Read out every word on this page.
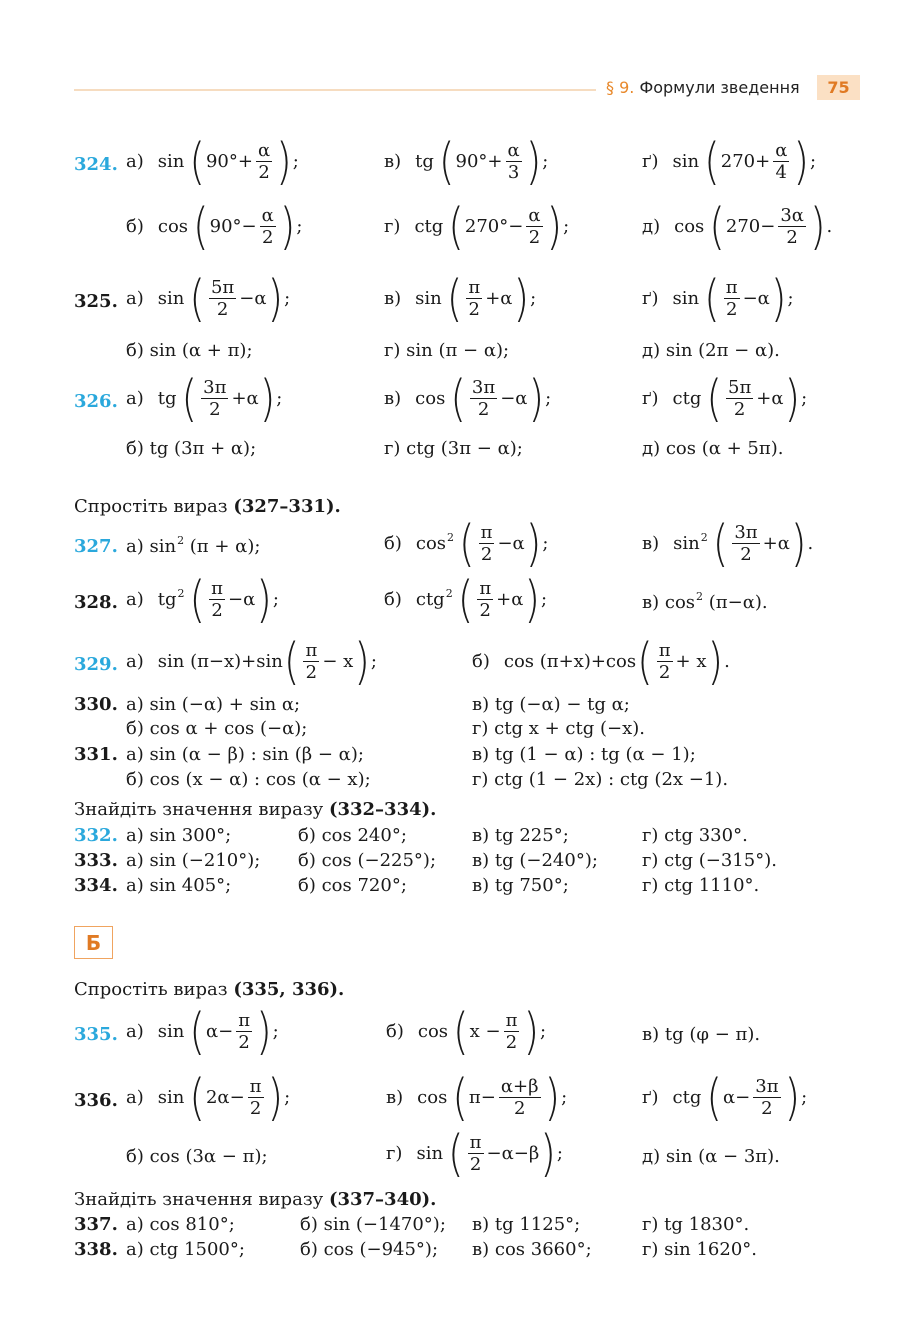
§ 9. Формули зведення	75
324. а) sin ( $90^\circ+ \frac{\alpha}{2}$ ) ;	в) tg ( $90^\circ+ \frac{\alpha}{3}$ ) ;	ґ) sin ( $270+ \frac{\alpha}{4}$ ) ;
б) cos ( $90^\circ- \frac{\alpha}{2}$ ) ;	г) ctg ( $270^\circ- \frac{\alpha}{2}$ ) ;	д) cos ( $270- \frac{3\alpha}{2}$ ) .
325. а) sin ( $\frac{5\pi}{2} -\alpha$ ) ;	в) sin ( $\frac{\pi}{2} +\alpha$ ) ;	ґ) sin ( $\frac{\pi}{2} -\alpha$ ) ;
б) sin (α + π);	г) sin (π − α);	д) sin (2π − α).
326. а) tg ( $\frac{3\pi}{2} +\alpha$ ) ;	в) cos ( $\frac{3\pi}{2} -\alpha$ ) ;	ґ) ctg ( $\frac{5\pi}{2} +\alpha$ ) ;
б) tg (3π + α);	г) ctg (3π − α);	д) cos (α + 5π).
Спростіть вираз (327–331).
327. а) $\sin^2 (\pi + \alpha)$;	б) $\cos^2$ ( $\frac{\pi}{2} -\alpha$ ) ;	в) $\sin^2$ ( $\frac{3\pi}{2} +\alpha$ ) .
328. а) $tg^2$ ( $\frac{\pi}{2} -\alpha$ ) ;	б) ctg$^2$ ( $\frac{\pi}{2} +\alpha$ ) ;	в) $\cos^2 (\pi-\alpha)$.
329. а) sin (π−x)+sin ( $\frac{\pi}{2} - x$ ) ;	б) cos (π+x)+cos ( $\frac{\pi}{2} + x$ ) .
330. а) sin (−α) + sin α;	в) tg (−α) − tg α;
б) cos α + cos (−α);	г) ctg x + ctg (−x).
331. а) sin (α − β) : sin (β − α);	в) tg (1 − α) : tg (α − 1);
б) cos (x − α) : cos (α − x);	г) ctg (1 − 2x) : ctg (2x −1).
Знайдіть значення виразу (332–334).
332. а) sin 300°;	б) cos 240°;	в) tg 225°;	г) ctg 330°.
333. а) sin (−210°); б) cos (−225°); в) tg (−240°); г) ctg (−315°).
334. а) sin 405°;	б) cos 720°;	в) tg 750°;	г) ctg 1110°.
Б
Спростіть вираз (335, 336).
335. а) sin ( $\alpha- \frac{\pi}{2}$ ) ;	б) cos ( $x - \frac{\pi}{2}$ ) ;	в) tg (φ − π).
336. а) sin ( $2\alpha- \frac{\pi}{2}$ ) ;	в) cos ( $\pi- \frac{\alpha+\beta}{2}$ ) ;	ґ) ctg ( $\alpha- \frac{3\pi}{2}$ ) ;
б) cos (3α − π);	г) sin ( $\frac{\pi}{2} -\alpha-\beta$ ) ;	д) sin (α − 3π).
Знайдіть значення виразу (337–340).
337. а) cos 810°;	б) sin (−1470°); в) tg 1125°;	г) tg 1830°.
338. а) ctg 1500°;	б) cos (−945°); в) cos 3660°;	г) sin 1620°.
